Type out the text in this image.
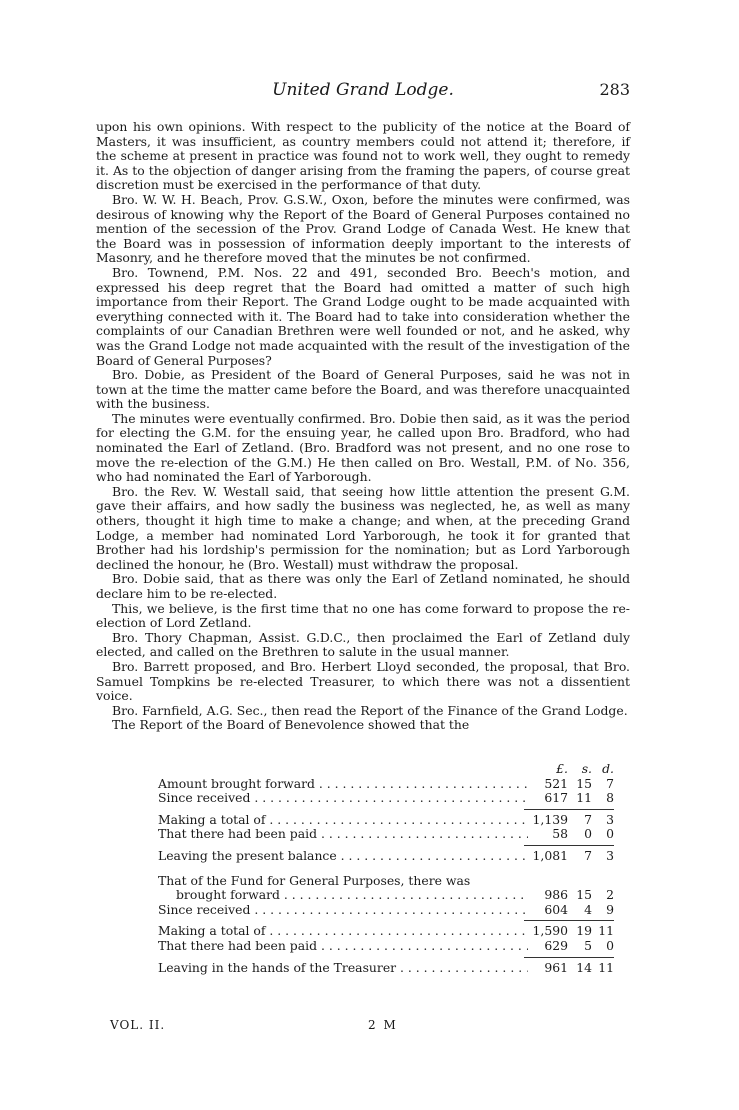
United Grand Lodge.	283

upon his own opinions. With respect to the publicity of the notice at the Board of Masters, it was insufficient, as country members could not attend it; therefore, if the scheme at present in practice was found not to work well, they ought to remedy it. As to the objection of danger arising from the framing the papers, of course great discretion must be exercised in the performance of that duty.

Bro. W. W. H. Beach, Prov. G.S.W., Oxon, before the minutes were confirmed, was desirous of knowing why the Report of the Board of General Purposes contained no mention of the secession of the Prov. Grand Lodge of Canada West. He knew that the Board was in possession of information deeply important to the interests of Masonry, and he therefore moved that the minutes be not confirmed.

Bro. Townend, P.M. Nos. 22 and 491, seconded Bro. Beech's motion, and expressed his deep regret that the Board had omitted a matter of such high importance from their Report. The Grand Lodge ought to be made acquainted with everything connected with it. The Board had to take into consideration whether the complaints of our Canadian Brethren were well founded or not, and he asked, why was the Grand Lodge not made acquainted with the result of the investigation of the Board of General Purposes?

Bro. Dobie, as President of the Board of General Purposes, said he was not in town at the time the matter came before the Board, and was therefore unacquainted with the business.

The minutes were eventually confirmed. Bro. Dobie then said, as it was the period for electing the G.M. for the ensuing year, he called upon Bro. Bradford, who had nominated the Earl of Zetland. (Bro. Bradford was not present, and no one rose to move the re-election of the G.M.) He then called on Bro. Westall, P.M. of No. 356, who had nominated the Earl of Yarborough.

Bro. the Rev. W. Westall said, that seeing how little attention the present G.M. gave their affairs, and how sadly the business was neglected, he, as well as many others, thought it high time to make a change; and when, at the preceding Grand Lodge, a member had nominated Lord Yarborough, he took it for granted that Brother had his lordship's permission for the nomination; but as Lord Yarborough declined the honour, he (Bro. Westall) must withdraw the proposal.

Bro. Dobie said, that as there was only the Earl of Zetland nominated, he should declare him to be re-elected.

This, we believe, is the first time that no one has come forward to propose the re-election of Lord Zetland.

Bro. Thory Chapman, Assist. G.D.C., then proclaimed the Earl of Zetland duly elected, and called on the Brethren to salute in the usual manner.

Bro. Barrett proposed, and Bro. Herbert Lloyd seconded, the proposal, that Bro. Samuel Tompkins be re-elected Treasurer, to which there was not a dissentient voice.

Bro. Farnfield, A.G. Sec., then read the Report of the Finance of the Grand Lodge.

The Report of the Board of Benevolence showed that the

£.	s. d.
Amount brought forward . . .	521 15	7
Since received . . .	617 11	8
Making a total of . . .	1,139	7	3
That there had been paid . . .	58	0	0
Leaving the present balance . . .	1,081	7	3
That of the Fund for General Purposes, there was
brought forward . . .	986 15	2
Since received . . .	604	4	9
Making a total of . . .	1,590 19 11
That there had been paid . . .	629	5	0
Leaving in the hands of the Treasurer . . .	961 14 11
VOL. II.	2 M
